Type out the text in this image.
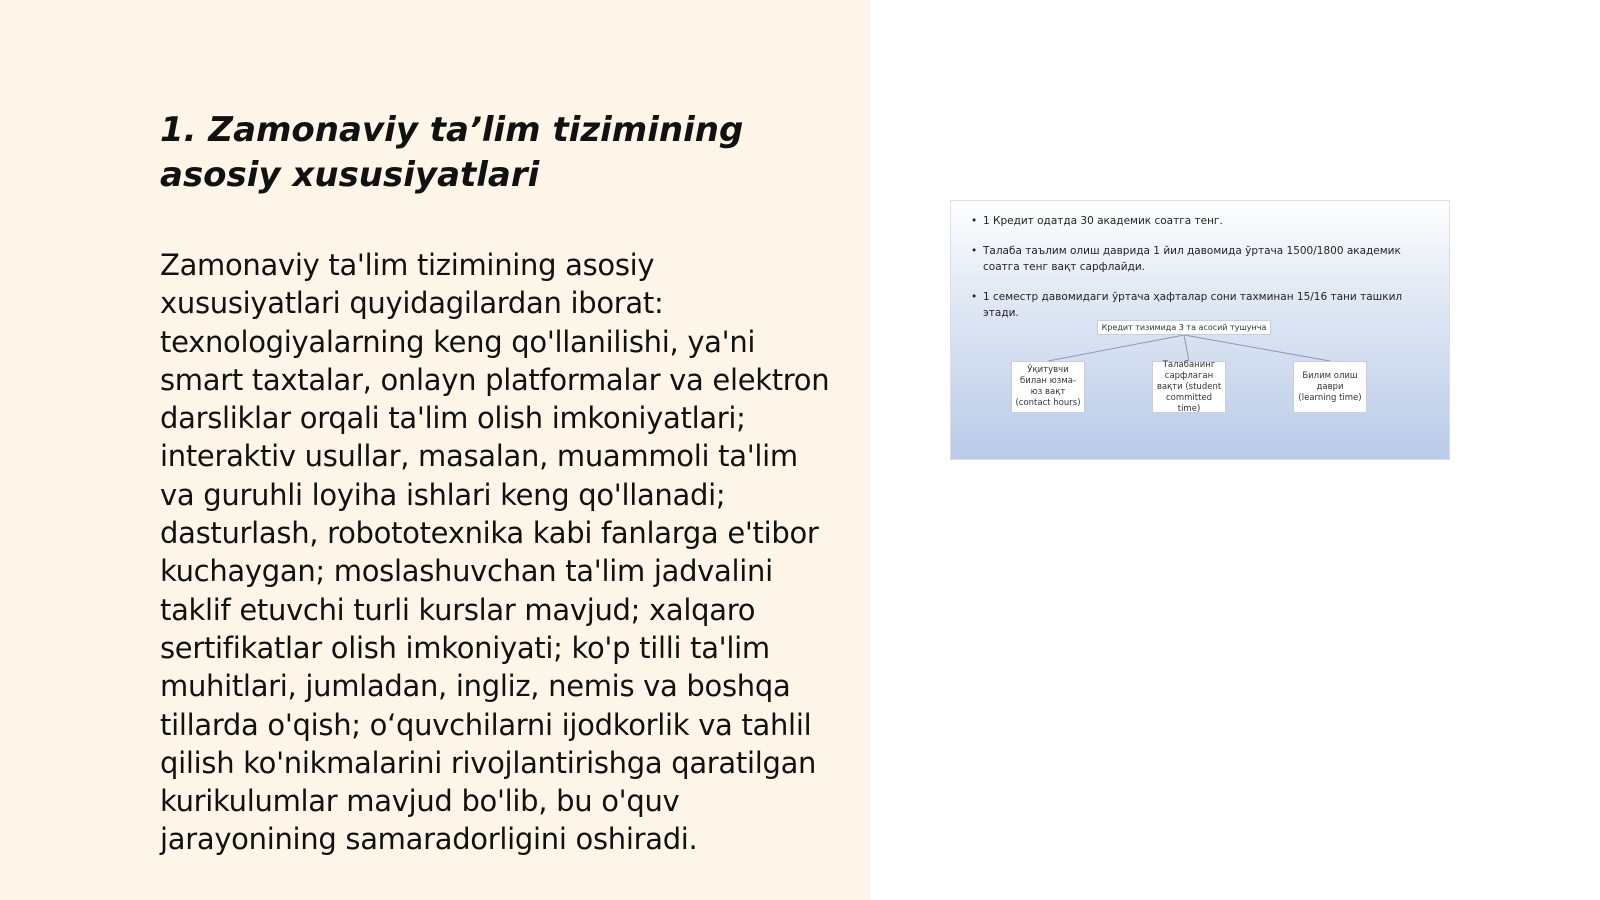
1. Zamonaviy ta’lim tizimining asosiy xususiyatlari

Zamonaviy ta'lim tizimining asosiy xususiyatlari quyidagilardan iborat: texnologiyalarning keng qo'llanilishi, ya'ni smart taxtalar, onlayn platformalar va elektron darsliklar orqali ta'lim olish imkoniyatlari; interaktiv usullar, masalan, muammoli ta'lim va guruhli loyiha ishlari keng qo'llanadi; dasturlash, robototexnika kabi fanlarga e'tibor kuchaygan; moslashuvchan ta'lim jadvalini taklif etuvchi turli kurslar mavjud; xalqaro sertifikatlar olish imkoniyati; ko'p tilli ta'lim muhitlari, jumladan, ingliz, nemis va boshqa tillarda o'qish; o‘quvchilarni ijodkorlik va tahlil qilish ko'nikmalarini rivojlantirishga qaratilgan kurikulumlar mavjud bo'lib, bu o'quv jarayonining samaradorligini oshiradi.

• 1 Кредит одатда 30 академик соатга тенг.
• Талаба таълим олиш даврида 1 йил давомида ўртача 1500/1800 академик соатга тенг вақт сарфлайди.
• 1 семестр давомидаги ўртача ҳафталар сони тахминан 15/16 тани ташкил этади.
Кредит тизимида 3 та асосий тушунча
Ўқитувчи билан юзма-юз вақт (contact hours)
Талабанинг сарфлаган вақти (student committed time)
Билим олиш даври (learning time)
